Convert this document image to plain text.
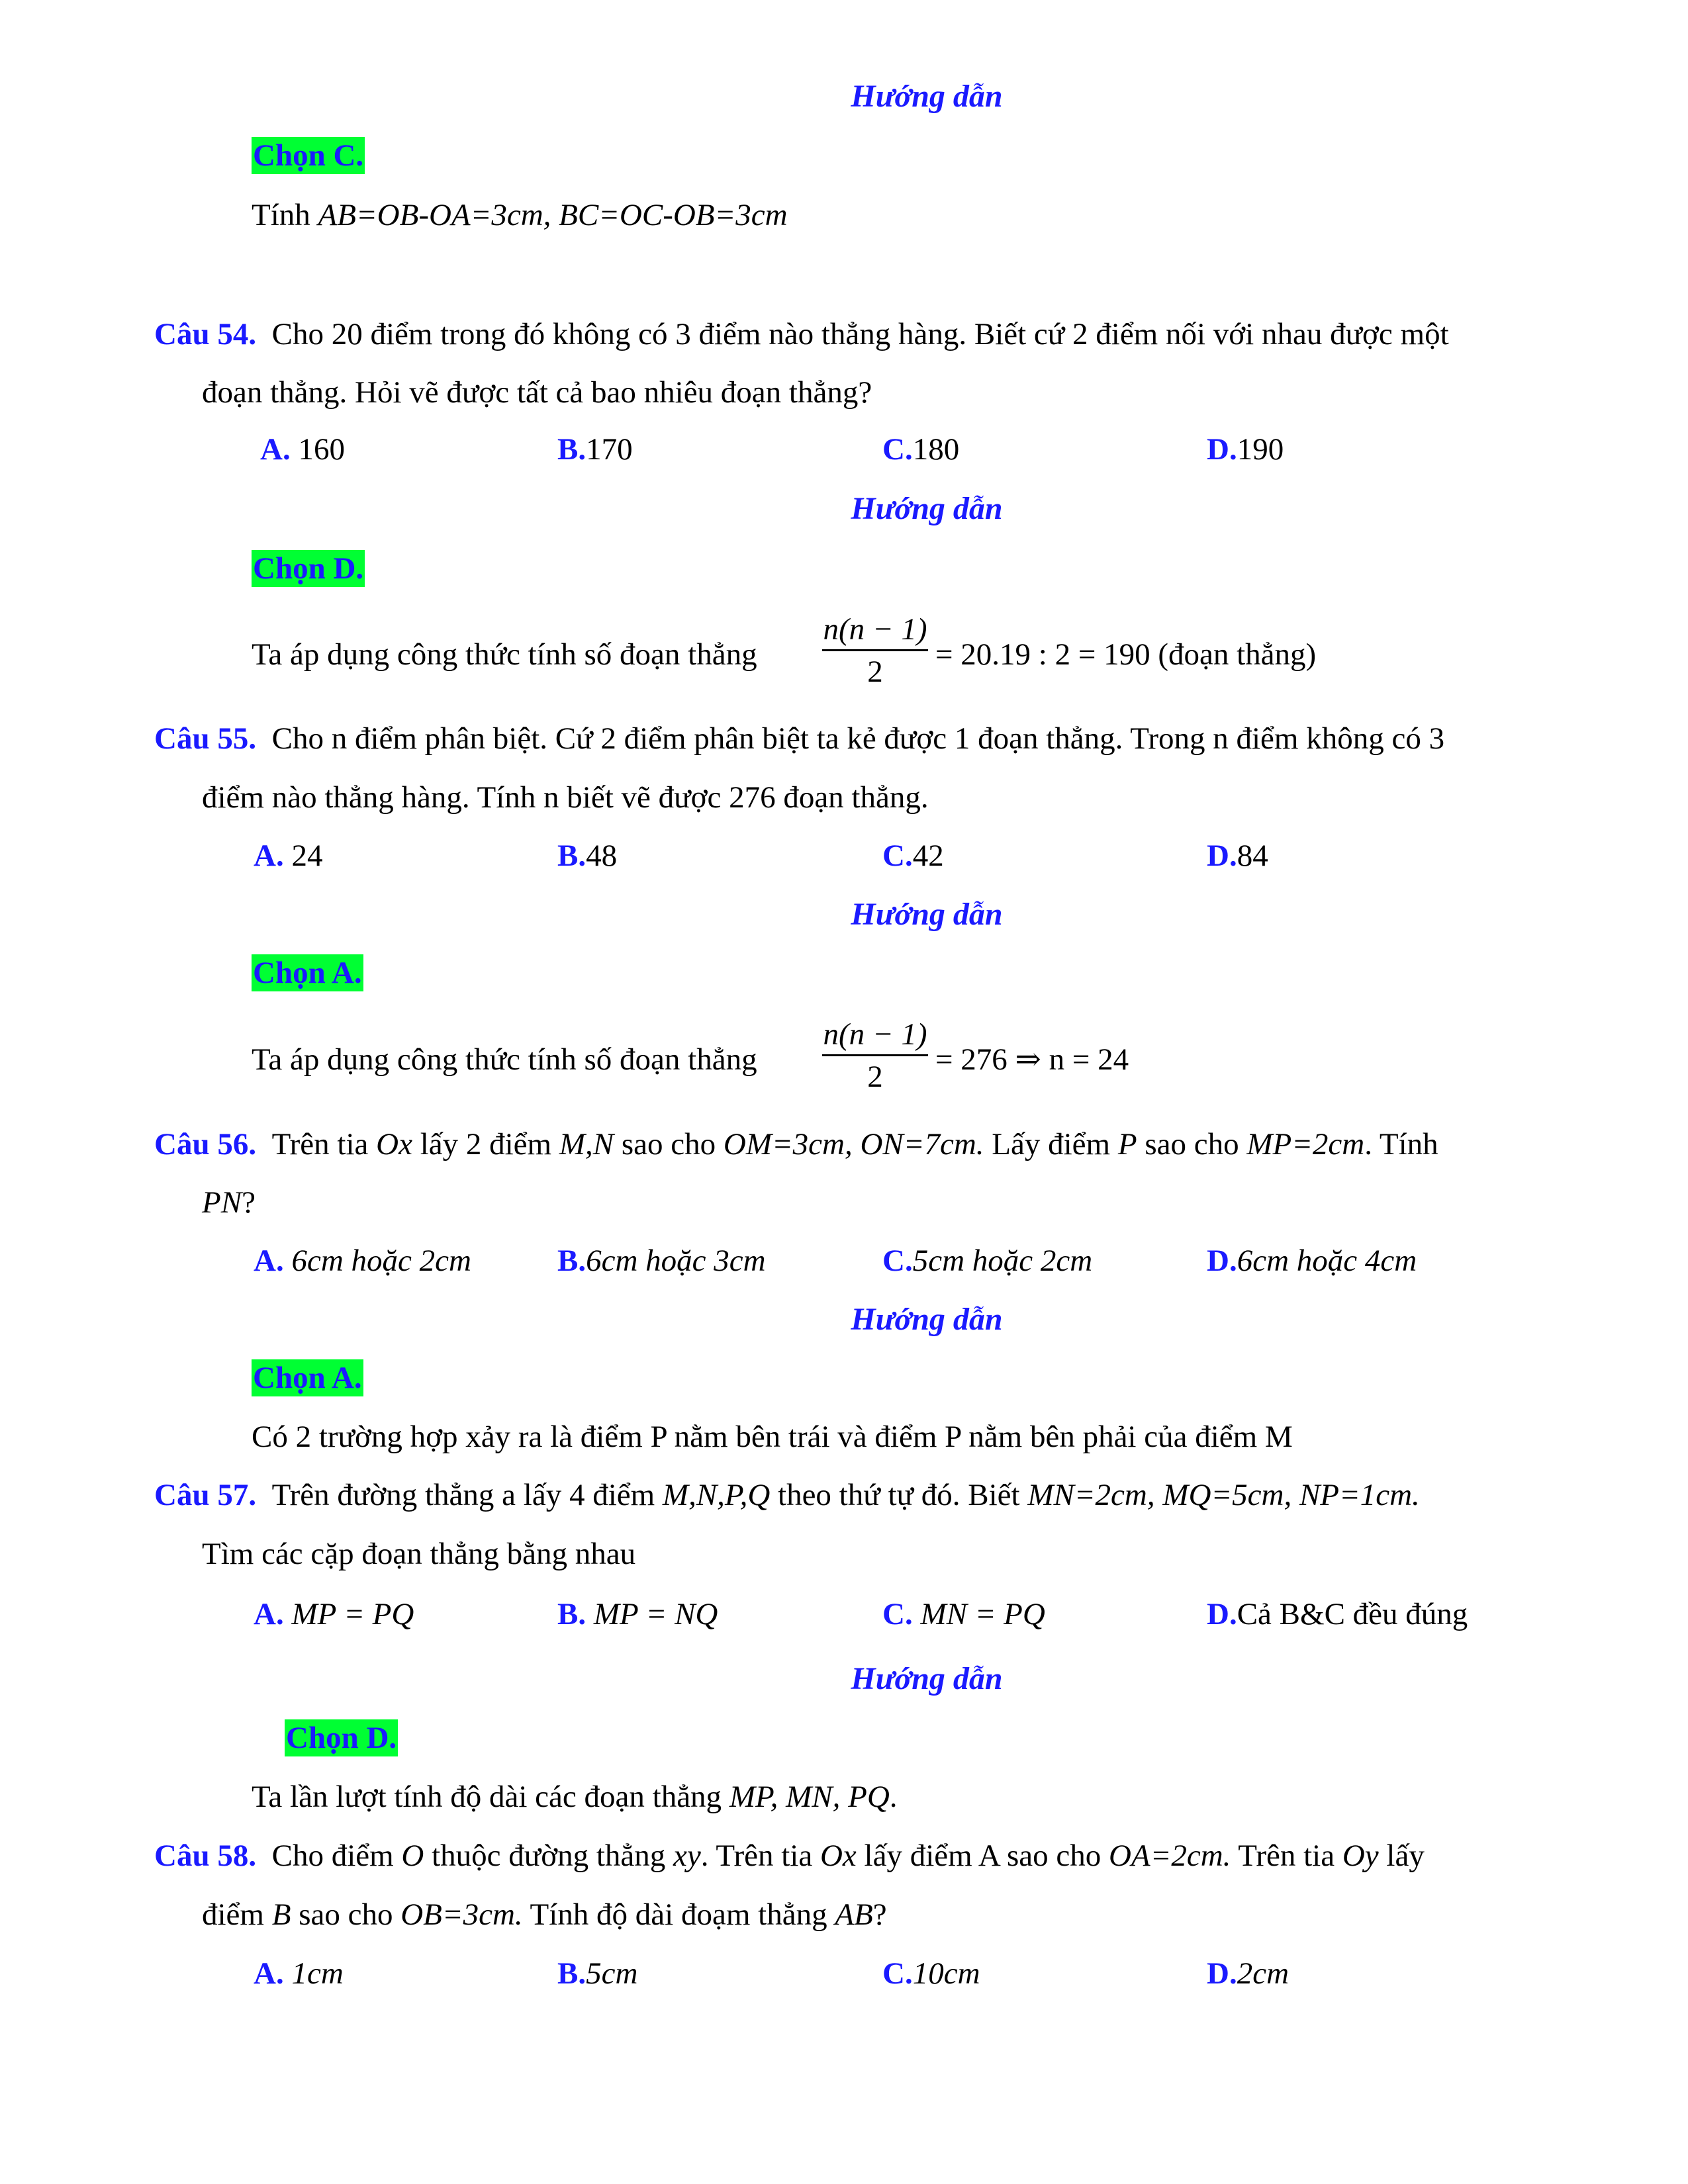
Hướng dẫn
Chọn C.
Tính AB=OB-OA=3cm, BC=OC-OB=3cm
Câu 54. Cho 20 điểm trong đó không có 3 điểm nào thẳng hàng. Biết cứ 2 điểm nối với nhau được một
đoạn thẳng. Hỏi vẽ được tất cả bao nhiêu đoạn thẳng?
A. 160	B.170	C.180	D.190
Hướng dẫn
Chọn D.
Ta áp dụng công thức tính số đoạn thẳng
n(n − 1)
2	= 20.19 : 2 = 190 (đoạn thẳng)
Câu 55. Cho n điểm phân biệt. Cứ 2 điểm phân biệt ta kẻ được 1 đoạn thẳng. Trong n điểm không có 3
điểm nào thẳng hàng. Tính n biết vẽ được 276 đoạn thẳng.
A. 24	B.48	C.42	D.84
Hướng dẫn
Chọn A.
Ta áp dụng công thức tính số đoạn thẳng
n(n − 1)
2	= 276 ⇒ n = 24
Câu 56. Trên tia Ox lấy 2 điểm M,N sao cho OM=3cm, ON=7cm. Lấy điểm P sao cho MP=2cm. Tính
PN?
A. 6cm hoặc 2cm	B.6cm hoặc 3cm	C.5cm hoặc 2cm	D.6cm hoặc 4cm
Hướng dẫn
Chọn A.
Có 2 trường hợp xảy ra là điểm P nằm bên trái và điểm P nằm bên phải của điểm M
Câu 57. Trên đường thẳng a lấy 4 điểm M,N,P,Q theo thứ tự đó. Biết MN=2cm, MQ=5cm, NP=1cm.
Tìm các cặp đoạn thẳng bằng nhau
A. MP = PQ	B. MP = NQ	C. MN = PQ	D.Cả B&C đều đúng
Hướng dẫn
Chọn D.
Ta lần lượt tính độ dài các đoạn thẳng MP, MN, PQ.
Câu 58. Cho điểm O thuộc đường thẳng xy. Trên tia Ox lấy điểm A sao cho OA=2cm. Trên tia Oy lấy
điểm B sao cho OB=3cm. Tính độ dài đoạm thẳng AB?
A. 1cm	B.5cm	C.10cm	D.2cm
